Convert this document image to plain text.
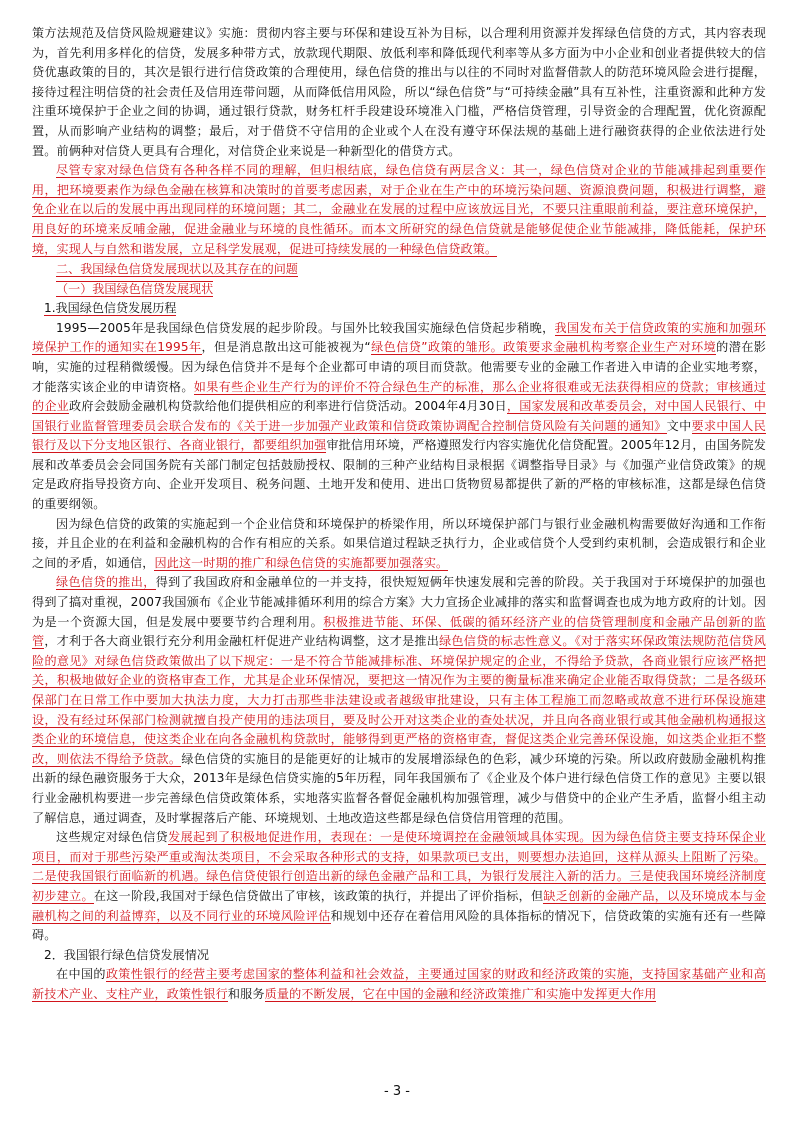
策方法规范及信贷风险规避建议》实施：贯彻内容主要与环保和建设互补为目标，以合理利用资源并发挥绿色信贷的方式，其内容表现为，首先利用多样化的信贷，发展多种带方式，放款现代期限、放低利率和降低现代利率等从多方面为中小企业和创业者提供较大的信贷优惠政策的目的，其次是银行进行信贷政策的合理使用，绿色信贷的推出与以往的不同时对监督借款人的防范环境风险会进行提醒，接待过程注明信贷的社会责任及信用连带问题，从而降低信用风险，所以“绿色信贷”与“可持续金融”具有互补性，注重资源和此种方发注重环境保护于企业之间的协调，通过银行贷款，财务杠杆手段建设环境准入门槛，严格信贷管理，引导资金的合理配置，优化资源配置，从而影响产业结构的调整；最后，对于借贷不守信用的企业或个人在没有遵守环保法规的基础上进行融资获得的企业依法进行处置。前俩种对信贷人更具有合理化，对信贷企业来说是一种新型化的借贷方式。

尽管专家对绿色信贷有各种各样不同的理解，但归根结底，绿色信贷有两层含义：其一，绿色信贷对企业的节能减排起到重要作用，把环境要素作为绿色金融在核算和决策时的首要考虑因素，对于企业在生产中的环境污染问题、资源浪费问题，积极进行调整，避免企业在以后的发展中再出现同样的环境问题；其二，金融业在发展的过程中应该放远目光，不要只注重眼前利益，要注意环境保护，用良好的环境来反哺金融，促进金融业与环境的良性循环。而本文所研究的绿色信贷就是能够促使企业节能减排，降低能耗，保护环境，实现人与自然和谐发展，立足科学发展观，促进可持续发展的一种绿色信贷政策。

二、我国绿色信贷发展现状以及其存在的问题

（一）我国绿色信贷发展现状

1.我国绿色信贷发展历程

1995—2005年是我国绿色信贷发展的起步阶段。与国外比较我国实施绿色信贷起步稍晚，我国发布关于信贷政策的实施和加强环境保护工作的通知实在1995年，但是消息散出这可能被视为“绿色信贷”政策的雏形。政策要求金融机构考察企业生产对环境的潜在影响，实施的过程稍微缓慢。因为绿色信贷并不是每个企业都可申请的项目而贷款。他需要专业的金融工作者进入申请的企业实地考察，才能落实该企业的申请资格。如果有些企业生产行为的评价不符合绿色生产的标准，那么企业将很难或无法获得相应的贷款；审核通过的企业政府会鼓励金融机构贷款给他们提供相应的利率进行信贷活动。2004年4月30日，国家发展和改革委员会，对中国人民银行、中国银行业监督管理委员会联合发布的《关于进一步加强产业政策和信贷政策协调配合控制信贷风险有关问题的通知》文中要求中国人民银行及以下分支地区银行、各商业银行，都要组织加强审批信用环境，严格遵照发行内容实施优化信贷配置。2005年12月，由国务院发展和改革委员会会同国务院有关部门制定包括鼓励授权、限制的三种产业结构目录根据《调整指导目录》与《加强产业信贷政策》的规定是政府指导投资方向、企业开发项目、税务问题、土地开发和使用、进出口货物贸易都提供了新的严格的审核标准，这都是绿色信贷的重要纲领。

因为绿色信贷的政策的实施起到一个企业信贷和环境保护的桥梁作用，所以环境保护部门与银行业金融机构需要做好沟通和工作衔接，并且企业的在利益和金融机构的合作有相应的关系。如果信道过程缺乏执行力，企业或信贷个人受到约束机制，会造成银行和企业之间的矛盾，如通信，因此这一时期的推广和绿色信贷的实施都要加强落实。

绿色信贷的推出，得到了我国政府和金融单位的一并支持，很快短短俩年快速发展和完善的阶段。关于我国对于环境保护的加强也得到了搞对重视，2007我国颁布《企业节能减排循环利用的综合方案》大力宣扬企业减排的落实和监督调查也成为地方政府的计划。因为是一个资源大国，但是发展中要要节约合理利用。积极推进节能、环保、低碳的循环经济产业的信贷管理制度和金融产品创新的监管，才利于各大商业银行充分利用金融杠杆促进产业结构调整，这才是推出绿色信贷的标志性意义。《对于落实环保政策法规防范信贷风险的意见》对绿色信贷政策做出了以下规定：一是不符合节能减排标准、环境保护规定的企业，不得给予贷款，各商业银行应该严格把关，积极地做好企业的资格审查工作，尤其是企业环保情况，要把这一情况作为主要的衡量标准来确定企业能否取得贷款；二是各级环保部门在日常工作中要加大执法力度，大力打击那些非法建设或者越级审批建设，只有主体工程施工而忽略或故意不进行环保设施建设，没有经过环保部门检测就擅自投产使用的违法项目，要及时公开对这类企业的查处状况，并且向各商业银行或其他金融机构通报这类企业的环境信息，使这类企业在向各金融机构贷款时，能够得到更严格的资格审查，督促这类企业完善环保设施，如这类企业拒不整改，则依法不得给予贷款。绿色信贷的实施目的是能更好的让城市的发展增添绿色的色彩，减少环境的污染。所以政府鼓励金融机构推出新的绿色融资服务于大众，2013年是绿色信贷实施的5年历程，同年我国颁布了《企业及个体户进行绿色信贷工作的意见》主要以银行业金融机构要进一步完善绿色信贷政策体系，实地落实监督各督促金融机构加强管理，减少与借贷中的企业产生矛盾，监督小组主动了解信息，通过调查，及时掌握落后产能、环境规划、土地改造这些都是绿色信贷信用管理的范围。

这些规定对绿色信贷发展起到了积极地促进作用，表现在：一是使环境调控在金融领域具体实现。因为绿色信贷主要支持环保企业项目，而对于那些污染严重或淘汰类项目，不会采取各种形式的支持，如果款项已支出，则要想办法追回，这样从源头上阻断了污染。二是使我国银行面临新的机遇。绿色信贷使银行创造出新的绿色金融产品和工具，为银行发展注入新的活力。三是使我国环境经济制度初步建立。在这一阶段,我国对于绿色信贷做出了审核，该政策的执行，并提出了评价指标，但缺乏创新的金融产品，以及环境成本与金融机构之间的利益博弈，以及不同行业的环境风险评估和规划中还存在着信用风险的具体指标的情况下，信贷政策的实施有还有一些障碍。

2．我国银行绿色信贷发展情况

在中国的政策性银行的经营主要考虑国家的整体利益和社会效益，主要通过国家的财政和经济政策的实施，支持国家基础产业和高新技术产业、支柱产业，政策性银行和服务质量的不断发展，它在中国的金融和经济政策推广和实施中发挥更大作用

- 3 -
